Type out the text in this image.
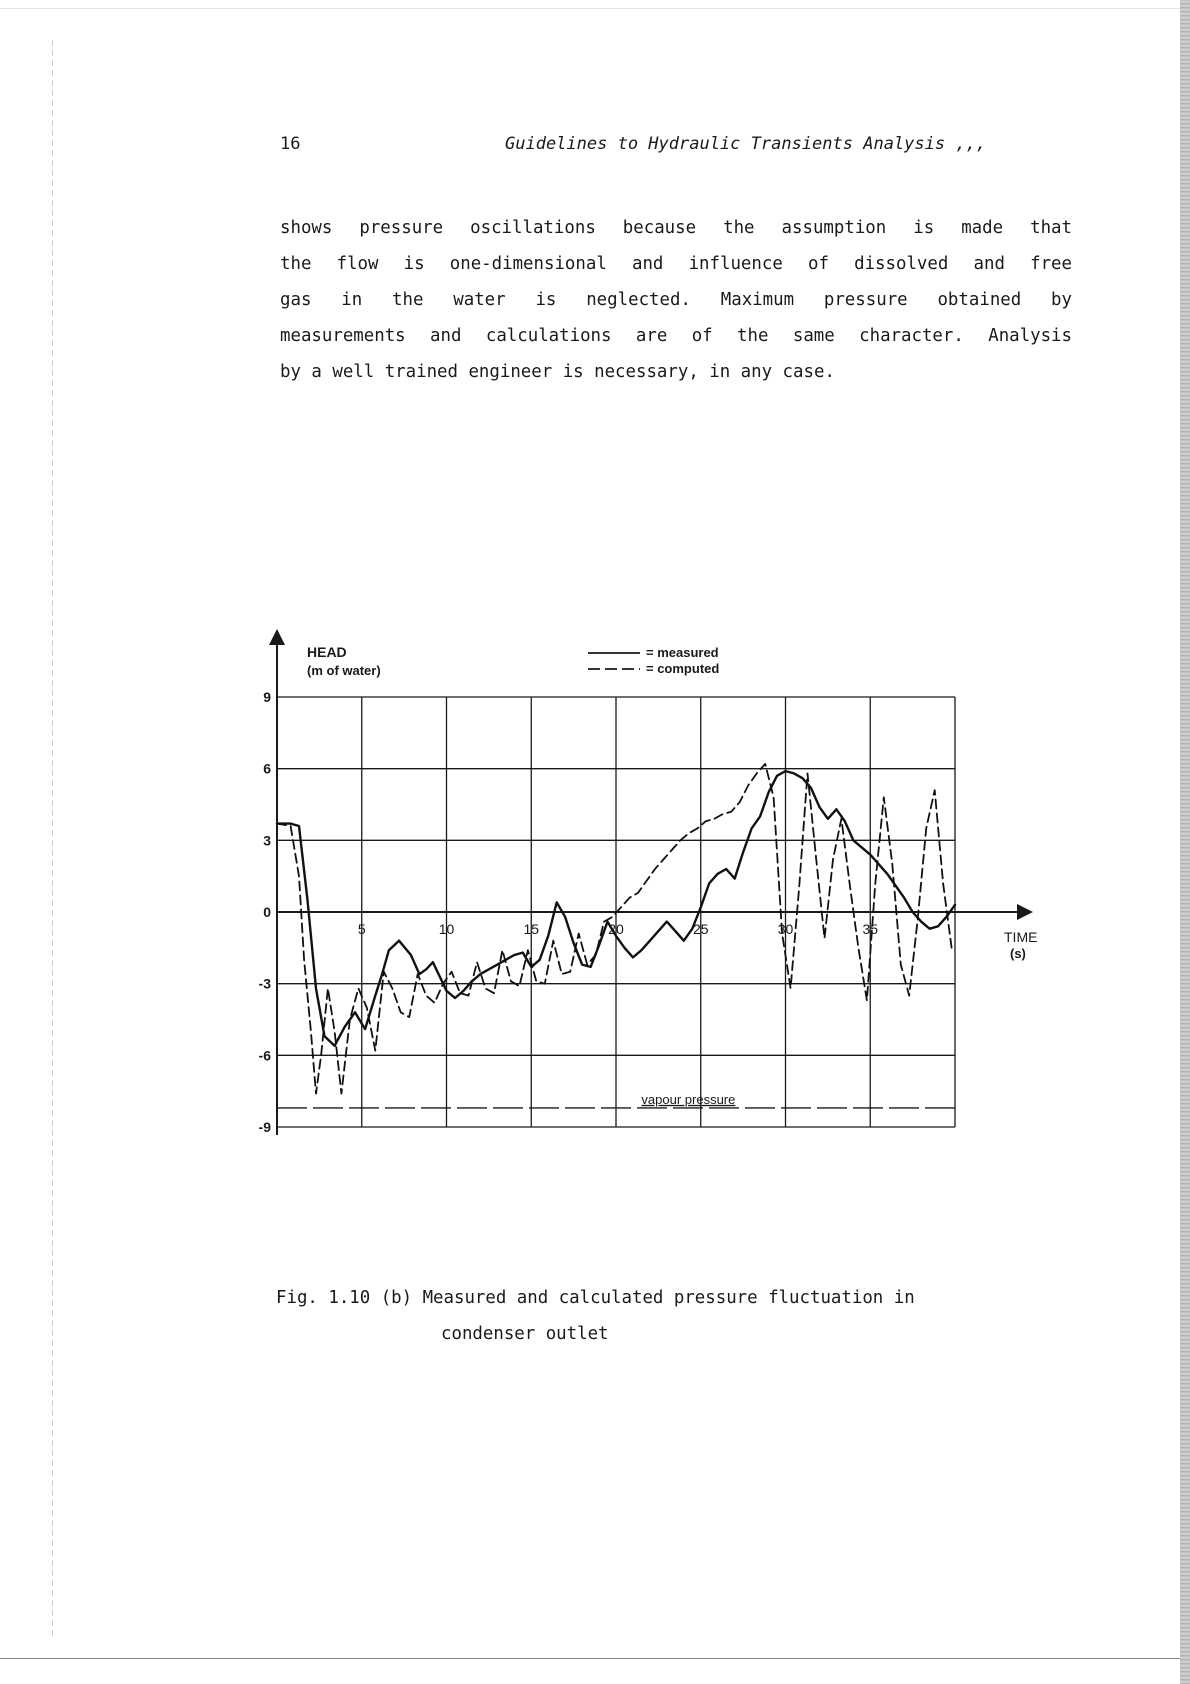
16	Guidelines to Hydraulic Transients Analysis ,,,
shows pressure oscillations because the assumption is made that
the flow is one-dimensional and influence of dissolved and free
gas in the water is neglected. Maximum pressure obtained by
measurements and calculations are of the same character. Analysis
by a well trained engineer is necessary, in any case.
9
6
3
0
-3
-6
-9
5	10	15	20	25	30	35
HEAD
(m of water)
TIME
(s)
vapour pressure
= measured
= computed
Fig. 1.10 (b) Measured and calculated pressure fluctuation in
condenser outlet
